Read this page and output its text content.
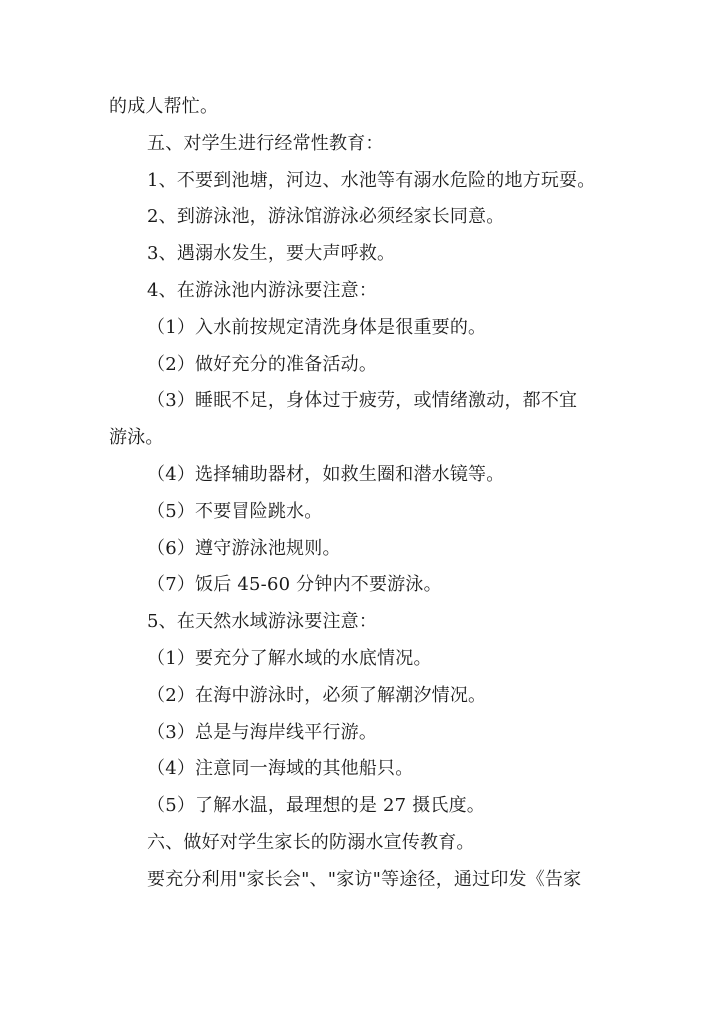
的成人帮忙。

五、对学生进行经常性教育：

1、不要到池塘，河边、水池等有溺水危险的地方玩耍。

2、到游泳池，游泳馆游泳必须经家长同意。

3、遇溺水发生，要大声呼救。

4、在游泳池内游泳要注意：

（1）入水前按规定清洗身体是很重要的。

（2）做好充分的准备活动。

（3）睡眠不足，身体过于疲劳，或情绪激动，都不宜

游泳。

（4）选择辅助器材，如救生圈和潜水镜等。

（5）不要冒险跳水。

（6）遵守游泳池规则。

（7）饭后 45-60 分钟内不要游泳。

5、在天然水域游泳要注意：

（1）要充分了解水域的水底情况。

（2）在海中游泳时，必须了解潮汐情况。

（3）总是与海岸线平行游。

（4）注意同一海域的其他船只。

（5）了解水温，最理想的是 27 摄氏度。

六、做好对学生家长的防溺水宣传教育。

要充分利用"家长会"、"家访"等途径，通过印发《告家
